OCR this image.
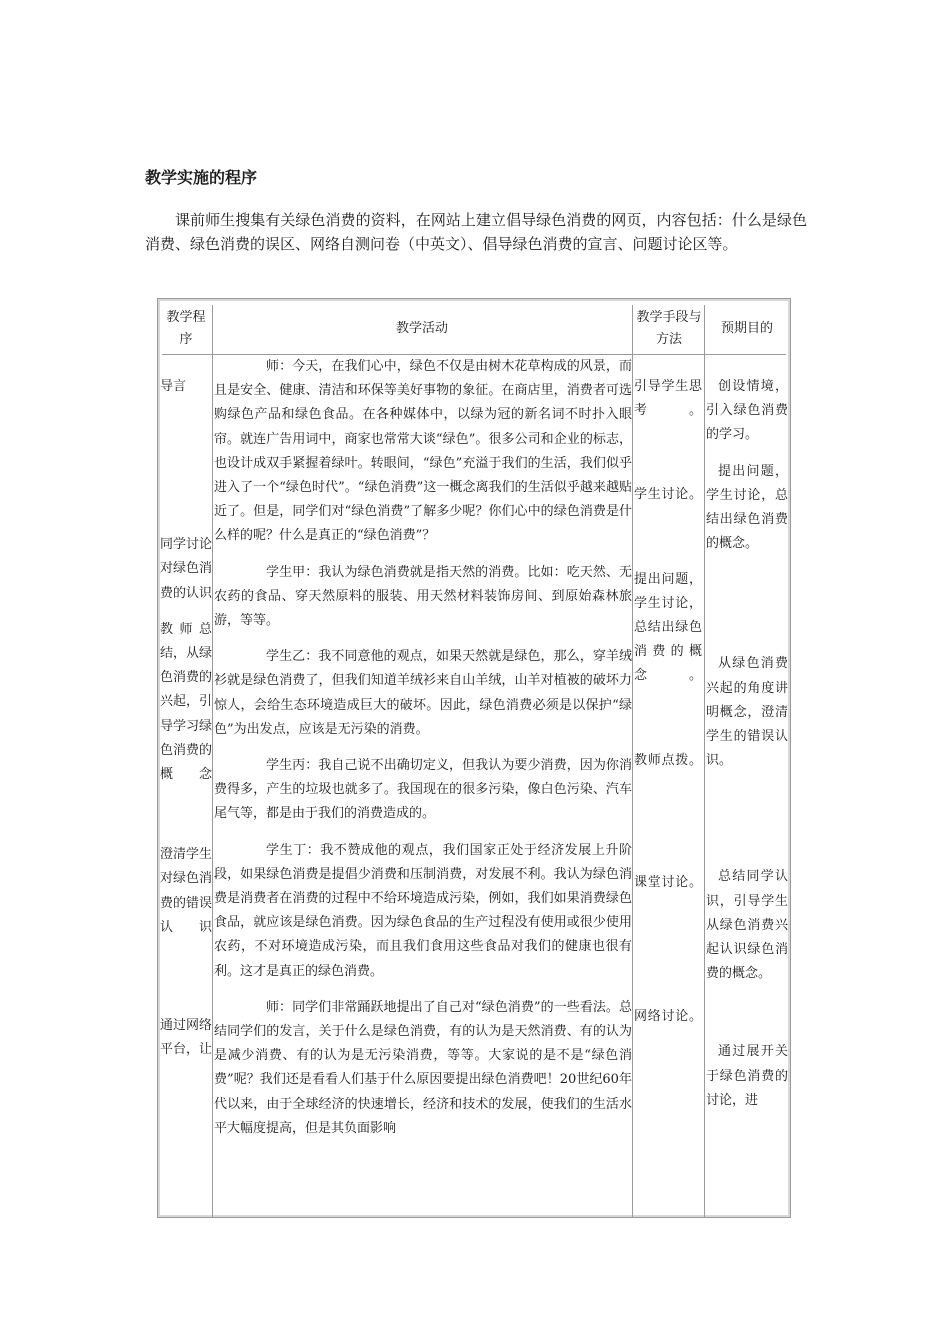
教学实施的程序

课前师生搜集有关绿色消费的资料，在网站上建立倡导绿色消费的网页，内容包括：什么是绿色消费、绿色消费的误区、网络自测问卷（中英文）、倡导绿色消费的宣言、问题讨论区等。

教学程序
教学活动
教学手段与方法
预期目的

导言

同学讨论对绿色消费的认识

教师总结，从绿色消费的兴起，引导学习绿色消费的概念

澄清学生对绿色消费的错误认识

通过网络平台，让

师：今天，在我们心中，绿色不仅是由树木花草构成的风景，而且是安全、健康、清洁和环保等美好事物的象征。在商店里，消费者可选购绿色产品和绿色食品。在各种媒体中，以绿为冠的新名词不时扑入眼帘。就连广告用词中，商家也常常大谈“绿色”。很多公司和企业的标志，也设计成双手紧握着绿叶。转眼间，“绿色”充溢于我们的生活，我们似乎进入了一个“绿色时代”。“绿色消费”这一概念离我们的生活似乎越来越贴近了。但是，同学们对“绿色消费”了解多少呢？你们心中的绿色消费是什么样的呢？什么是真正的“绿色消费”？

学生甲：我认为绿色消费就是指天然的消费。比如：吃天然、无农药的食品、穿天然原料的服装、用天然材料装饰房间、到原始森林旅游，等等。

学生乙：我不同意他的观点，如果天然就是绿色，那么，穿羊绒衫就是绿色消费了，但我们知道羊绒衫来自山羊绒，山羊对植被的破坏力惊人，会给生态环境造成巨大的破坏。因此，绿色消费必须是以保护“绿色”为出发点，应该是无污染的消费。

学生丙：我自己说不出确切定义，但我认为要少消费，因为你消费得多，产生的垃圾也就多了。我国现在的很多污染，像白色污染、汽车尾气等，都是由于我们的消费造成的。

学生丁：我不赞成他的观点，我们国家正处于经济发展上升阶段，如果绿色消费是提倡少消费和压制消费，对发展不利。我认为绿色消费是消费者在消费的过程中不给环境造成污染，例如，我们如果消费绿色食品，就应该是绿色消费。因为绿色食品的生产过程没有使用或很少使用农药，不对环境造成污染，而且我们食用这些食品对我们的健康也很有利。这才是真正的绿色消费。

师：同学们非常踊跃地提出了自己对“绿色消费”的一些看法。总结同学们的发言，关于什么是绿色消费，有的认为是天然消费、有的认为是减少消费、有的认为是无污染消费，等等。大家说的是不是“绿色消费”呢？我们还是看看人们基于什么原因要提出绿色消费吧！20世纪60年代以来，由于全球经济的快速增长，经济和技术的发展，使我们的生活水平大幅度提高，但是其负面影响

引导学生思考。

学生讨论。

提出问题，学生讨论，总结出绿色消费的概念。

教师点拨。

课堂讨论。

网络讨论。

创设情境，引入绿色消费的学习。

提出问题，学生讨论，总结出绿色消费的概念。

从绿色消费兴起的角度讲明概念，澄清学生的错误认识。

总结同学认识，引导学生从绿色消费兴起认识绿色消费的概念。

通过展开关于绿色消费的讨论，进
